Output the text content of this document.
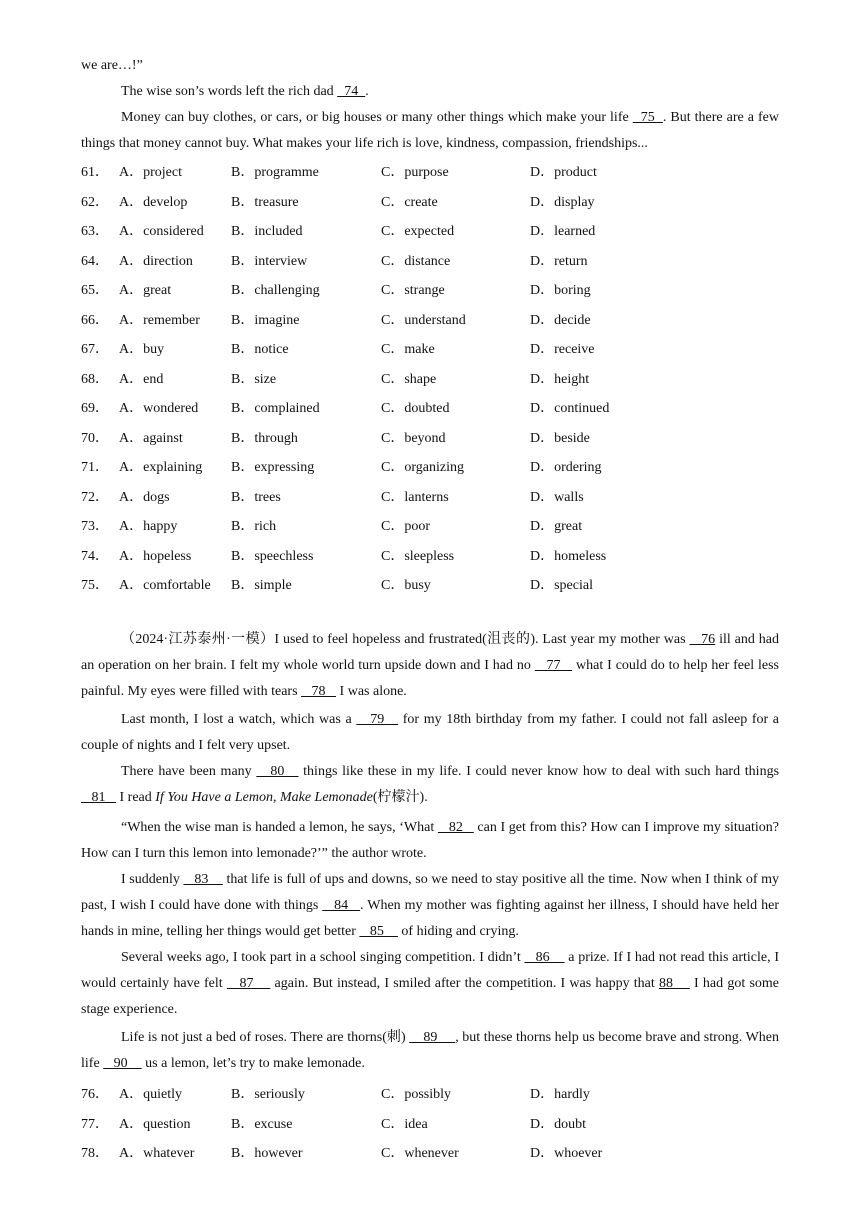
we are…!”

The wise son’s words left the rich dad   74  .

Money can buy clothes, or cars, or big houses or many other things which make your life   75  . But there are a few things that money cannot buy. What makes your life rich is love, kindness, compassion, friendships...

61． A．project	B．programme	C．purpose	D．product
62． A．develop	B．treasure	C．create	D．display
63． A．considered B．included	C．expected	D．learned
64． A．direction	B．interview	C．distance	D．return
65． A．great	B．challenging	C．strange	D．boring
66． A．remember B．imagine	C．understand	D．decide
67． A．buy	B．notice	C．make	D．receive
68． A．end	B．size	C．shape	D．height
69． A．wondered B．complained	C．doubted	D．continued
70． A．against	B．through	C．beyond	D．beside
71． A．explaining B．expressing	C．organizing	D．ordering
72． A．dogs	B．trees	C．lanterns	D．walls
73． A．happy	B．rich	C．poor	D．great
74． A．hopeless	B．speechless	C．sleepless	D．homeless
75． A．comfortable B．simple	C．busy	D．special

（2024·江苏泰州·一模）I used to feel hopeless and frustrated(沮丧的). Last year my mother was    76 ill and had an operation on her brain. I felt my whole world turn upside down and I had no    77    what I could do to help her feel less painful. My eyes were filled with tears    78    I was alone.

Last month, I lost a watch, which was a    79    for my 18th birthday from my father. I could not fall asleep for a couple of nights and I felt very upset.

There have been many    80    things like these in my life. I could never know how to deal with such hard things    81    I read If You Have a Lemon, Make Lemonade(柠檬汁).

“When the wise man is handed a lemon, he says, ‘What    82    can I get from this? How can I improve my situation? How can I turn this lemon into lemonade?’” the author wrote.

I suddenly    83     that life is full of ups and downs, so we need to stay positive all the time. Now when I think of my past, I wish I could have done with things    84   . When my mother was fighting against her illness, I should have held her hands in mine, telling her things would get better    85     of hiding and crying.

Several weeks ago, I took part in a school singing competition. I didn’t    86     a prize. If I had not read this article, I would certainly have felt    87     again. But instead, I smiled after the competition. I was happy that 88     I had got some stage experience.

Life is not just a bed of roses. There are thorns(刺)     89     , but these thorns help us become brave and strong. When life    90     us a lemon, let’s try to make lemonade.

76． A．quietly	B．seriously	C．possibly	D．hardly
77． A．question	B．excuse	C．idea	D．doubt
78． A．whatever	B．however	C．whenever	D．whoever
